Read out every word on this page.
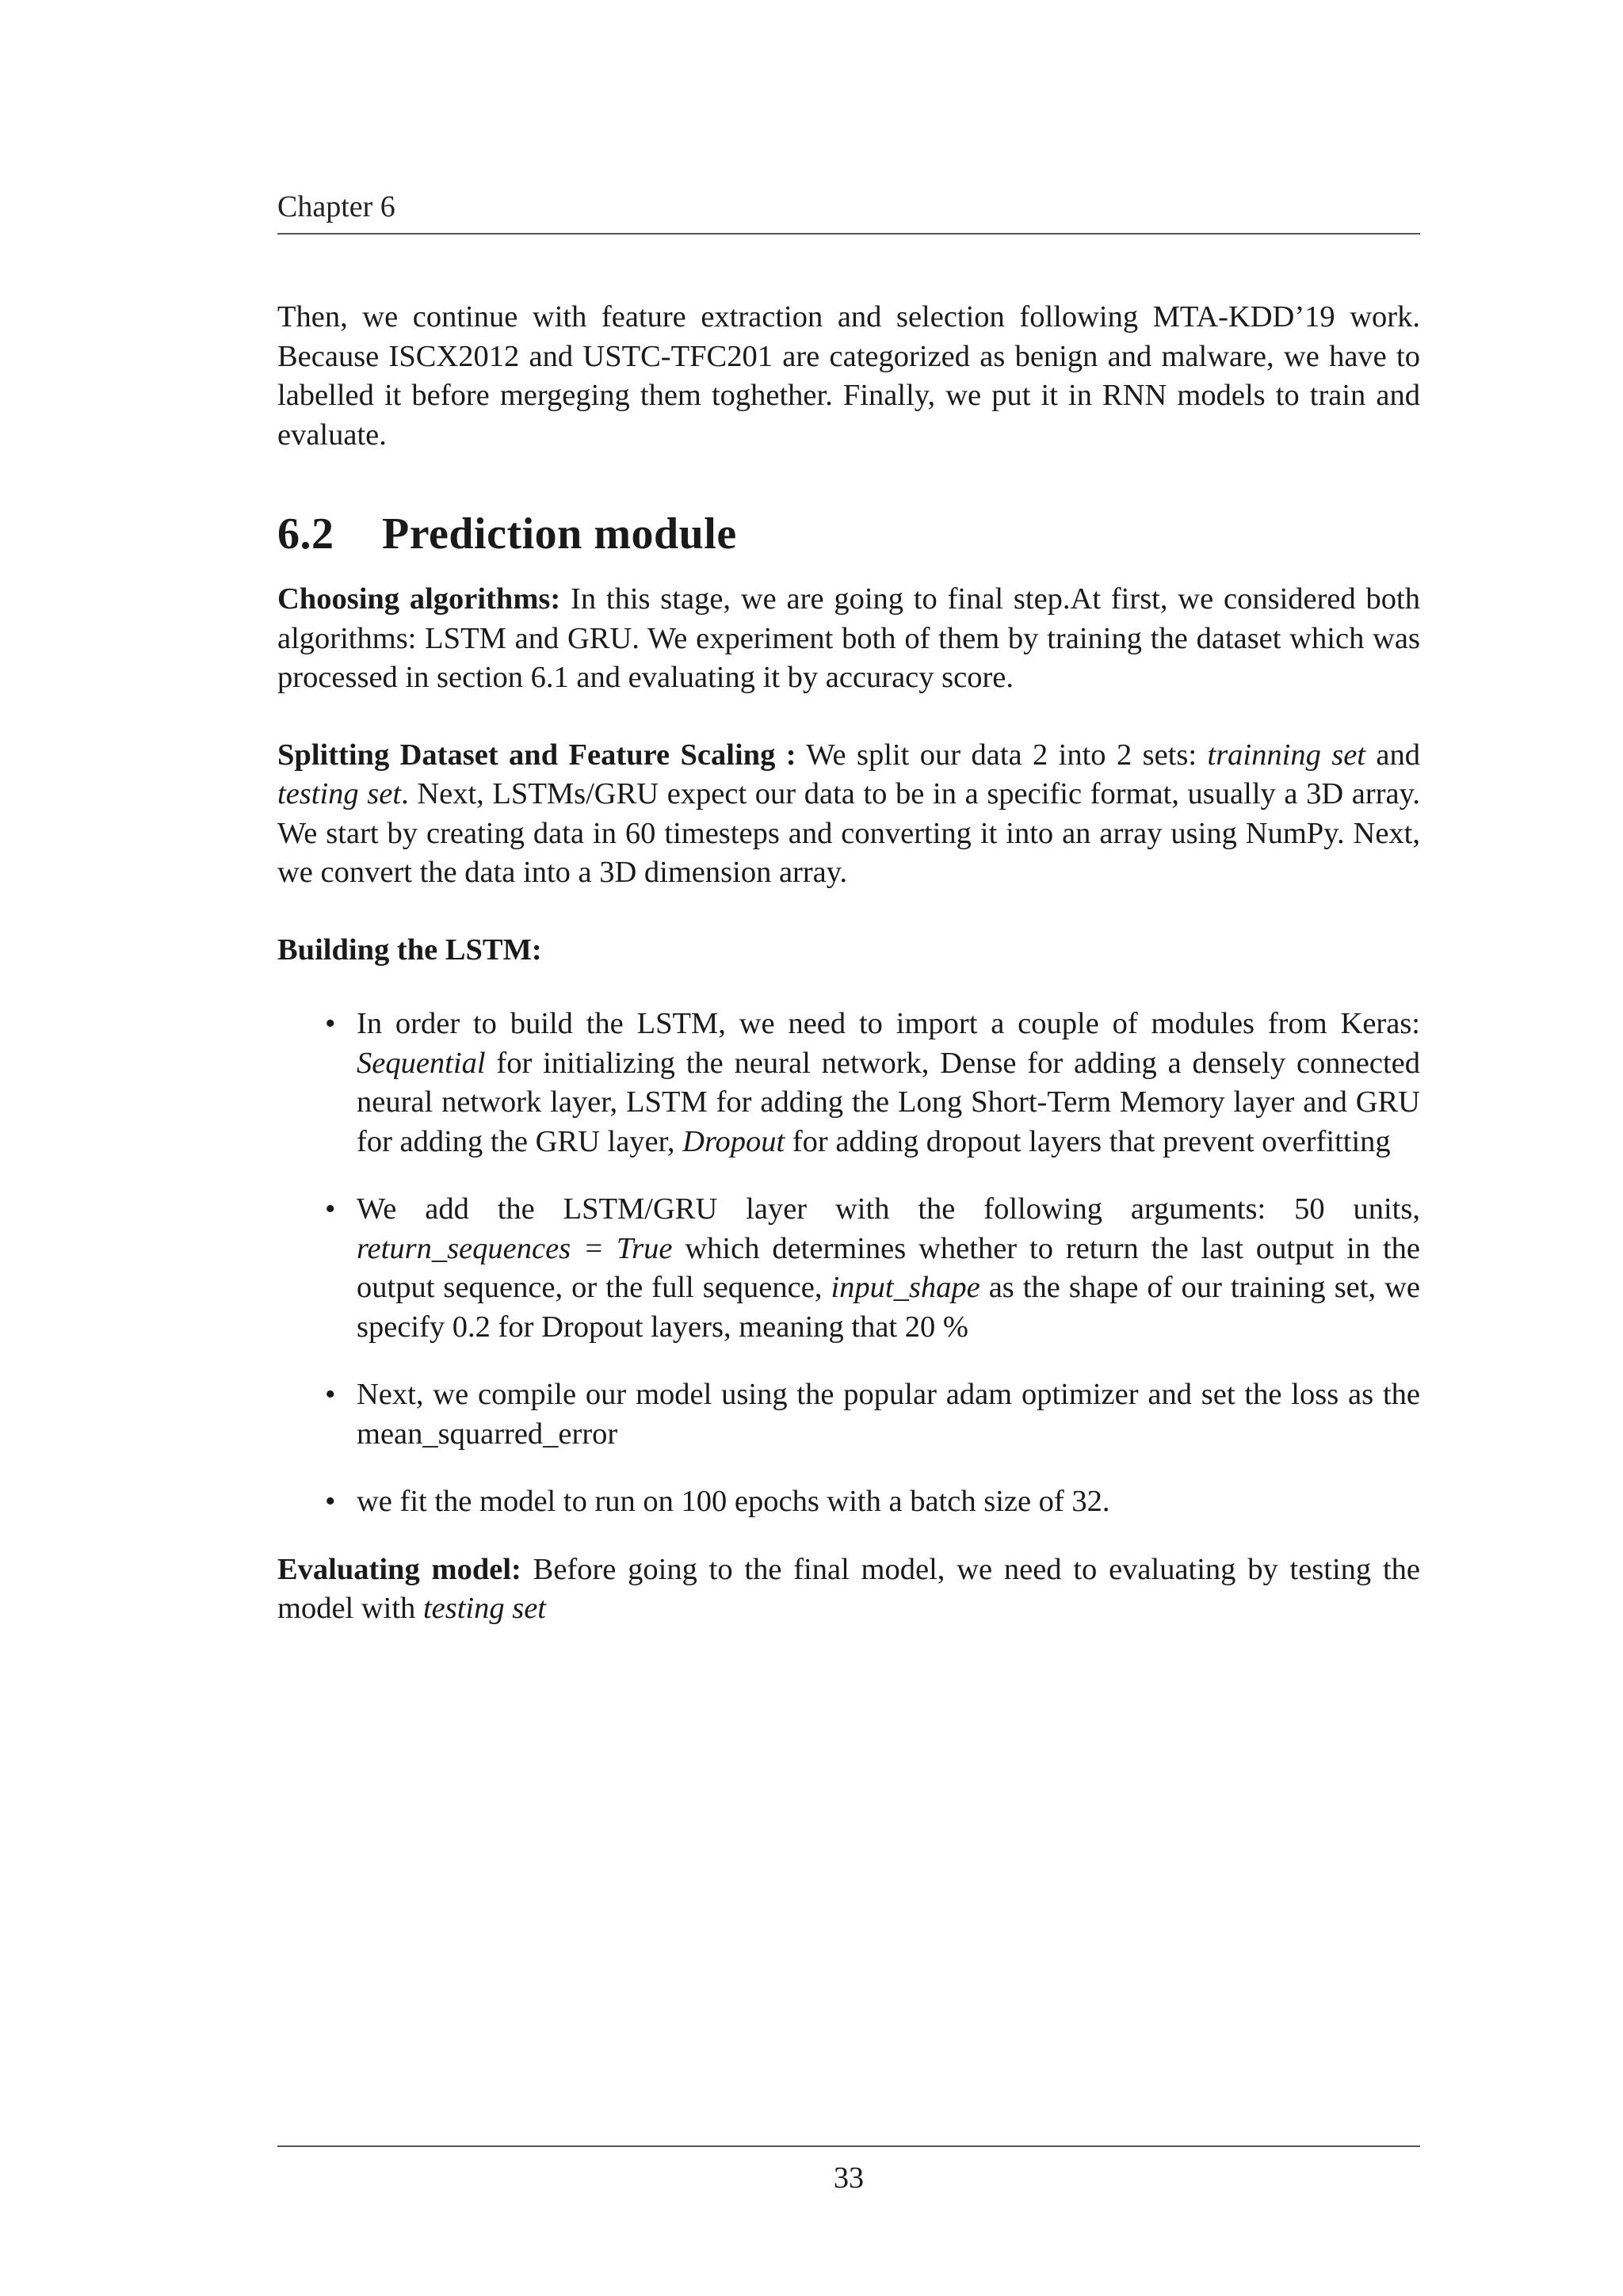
Chapter 6

Then, we continue with feature extraction and selection following MTA-KDD’19 work. Because ISCX2012 and USTC-TFC201 are categorized as benign and malware, we have to labelled it before mergeging them toghether. Finally, we put it in RNN models to train and evaluate.

6.2 Prediction module

Choosing algorithms: In this stage, we are going to final step.At first, we considered both algorithms: LSTM and GRU. We experiment both of them by training the dataset which was processed in section 6.1 and evaluating it by accuracy score.

Splitting Dataset and Feature Scaling : We split our data 2 into 2 sets: trainning set and testing set. Next, LSTMs/GRU expect our data to be in a specific format, usually a 3D array. We start by creating data in 60 timesteps and converting it into an array using NumPy. Next, we convert the data into a 3D dimension array.

Building the LSTM:

• In order to build the LSTM, we need to import a couple of modules from Keras: Sequential for initializing the neural network, Dense for adding a densely connected neural network layer, LSTM for adding the Long Short-Term Memory layer and GRU for adding the GRU layer, Dropout for adding dropout layers that prevent overfitting
• We add the LSTM/GRU layer with the following arguments: 50 units, return_sequences = True which determines whether to return the last output in the output sequence, or the full sequence, input_shape as the shape of our training set, we specify 0.2 for Dropout layers, meaning that 20 %
• Next, we compile our model using the popular adam optimizer and set the loss as the mean_squarred_error
• we fit the model to run on 100 epochs with a batch size of 32.

Evaluating model: Before going to the final model, we need to evaluating by testing the model with testing set

33
